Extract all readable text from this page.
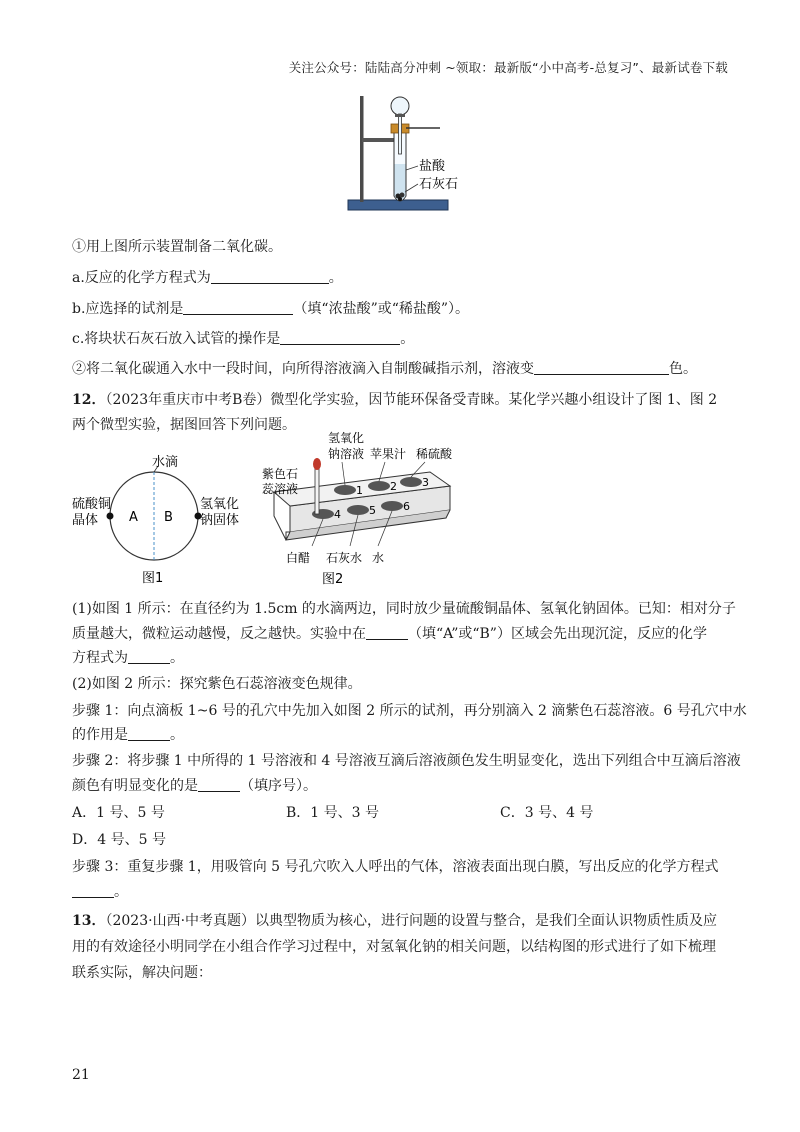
关注公众号：陆陆高分冲刺 ~领取：最新版“小中高考-总复习”、最新试卷下载
盐酸
石灰石
①用上图所示装置制备二氧化碳。
a.反应的化学方程式为	。
b.应选择的试剂是	（填“浓盐酸”或“稀盐酸”）。
c.将块状石灰石放入试管的操作是	。
②将二氧化碳通入水中一段时间，向所得溶液滴入自制酸碱指示剂，溶液变	色。
12．（2023年重庆市中考B卷）微型化学实验，因节能环保备受青睐。某化学兴趣小组设计了图 1、图 2
两个微型实验，据图回答下列问题。
水滴
硫酸铜
晶体
氢氧化
钠固体
A B
图1
1 2 3
4	5 6
氢氧化
钠溶液 苹果汁 稀硫酸
紫色石
蕊溶液
白醋 石灰水 水
图2
(1)如图 1 所示：在直径约为 1.5cm 的水滴两边，同时放少量硫酸铜晶体、氢氧化钠固体。已知：相对分子
质量越大，微粒运动越慢，反之越快。实验中在	（填“A”或“B”）区域会先出现沉淀，反应的化学
方程式为	。
(2)如图 2 所示：探究紫色石蕊溶液变色规律。
步骤 1：向点滴板 1~6 号的孔穴中先加入如图 2 所示的试剂，再分别滴入 2 滴紫色石蕊溶液。6 号孔穴中水
的作用是	。
步骤 2：将步骤 1 中所得的 1 号溶液和 4 号溶液互滴后溶液颜色发生明显变化，选出下列组合中互滴后溶液
颜色有明显变化的是	（填序号）。
A．1 号、5 号	B．1 号、3 号	C．3 号、4 号
D．4 号、5 号
步骤 3：重复步骤 1，用吸管向 5 号孔穴吹入人呼出的气体，溶液表面出现白膜，写出反应的化学方程式
。
13．（2023·山西·中考真题）以典型物质为核心，进行问题的设置与整合，是我们全面认识物质性质及应
用的有效途径小明同学在小组合作学习过程中，对氢氧化钠的相关问题，以结构图的形式进行了如下梳理
联系实际，解决问题：
21
